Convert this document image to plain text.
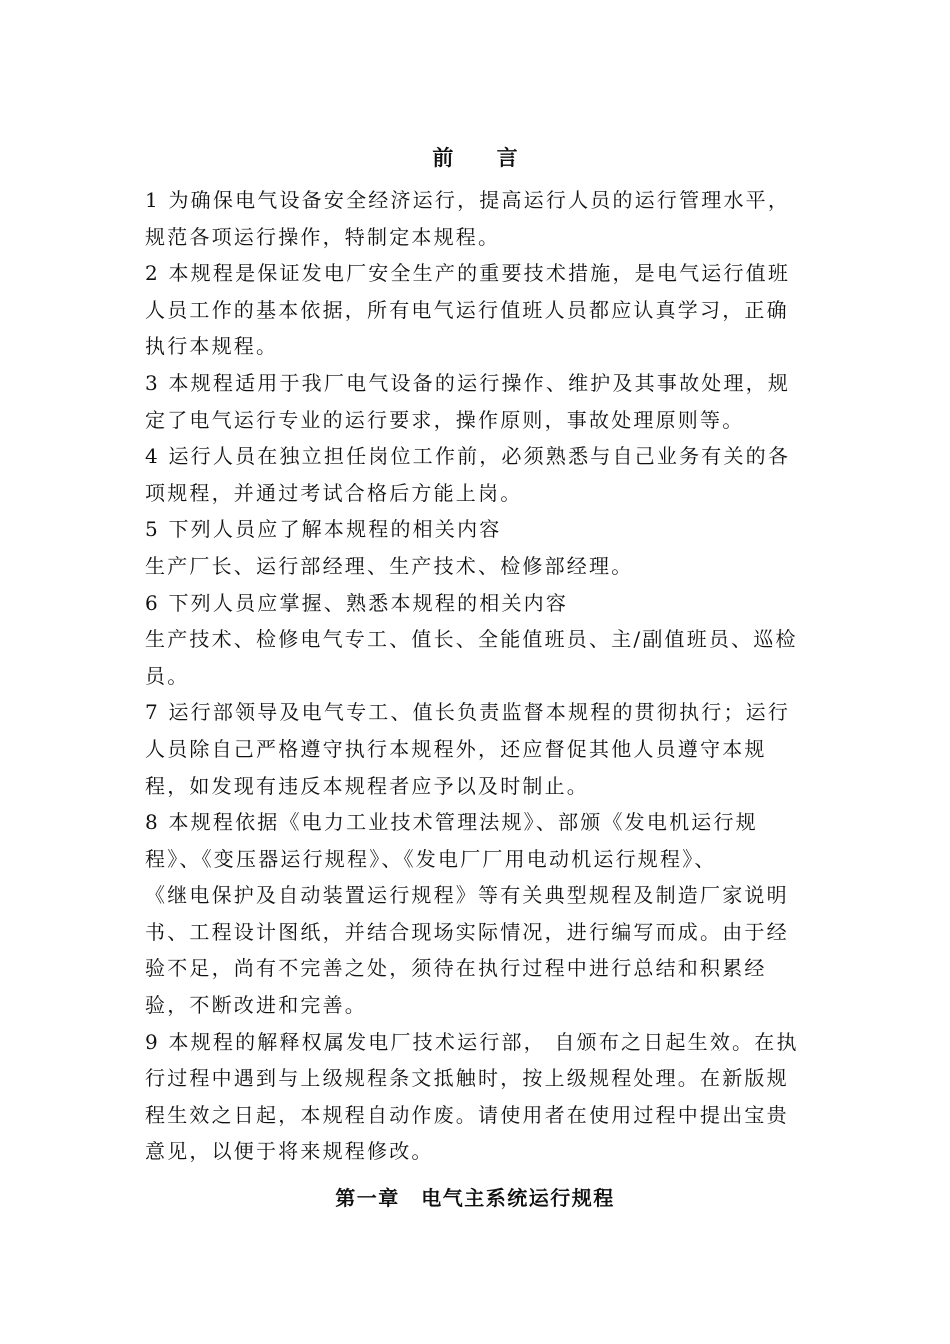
前 言
1 为确保电气设备安全经济运行，提高运行人员的运行管理水平，
规范各项运行操作，特制定本规程。
2 本规程是保证发电厂安全生产的重要技术措施，是电气运行值班
人员工作的基本依据，所有电气运行值班人员都应认真学习，正确
执行本规程。
3 本规程适用于我厂电气设备的运行操作、维护及其事故处理，规
定了电气运行专业的运行要求，操作原则，事故处理原则等。
4 运行人员在独立担任岗位工作前，必须熟悉与自己业务有关的各
项规程，并通过考试合格后方能上岗。
5 下列人员应了解本规程的相关内容
生产厂长、运行部经理、生产技术、检修部经理。
6 下列人员应掌握、熟悉本规程的相关内容
生产技术、检修电气专工、值长、全能值班员、主/副值班员、巡检
员。
7 运行部领导及电气专工、值长负责监督本规程的贯彻执行；运行
人员除自己严格遵守执行本规程外，还应督促其他人员遵守本规
程，如发现有违反本规程者应予以及时制止。
8 本规程依据《电力工业技术管理法规》、部颁《发电机运行规
程》、《变压器运行规程》、《发电厂厂用电动机运行规程》、
《继电保护及自动装置运行规程》等有关典型规程及制造厂家说明
书、工程设计图纸，并结合现场实际情况，进行编写而成。由于经
验不足，尚有不完善之处，须待在执行过程中进行总结和积累经
验，不断改进和完善。
9 本规程的解释权属发电厂技术运行部， 自颁布之日起生效。在执
行过程中遇到与上级规程条文抵触时，按上级规程处理。在新版规
程生效之日起，本规程自动作废。请使用者在使用过程中提出宝贵
意见，以便于将来规程修改。
第一章　电气主系统运行规程
